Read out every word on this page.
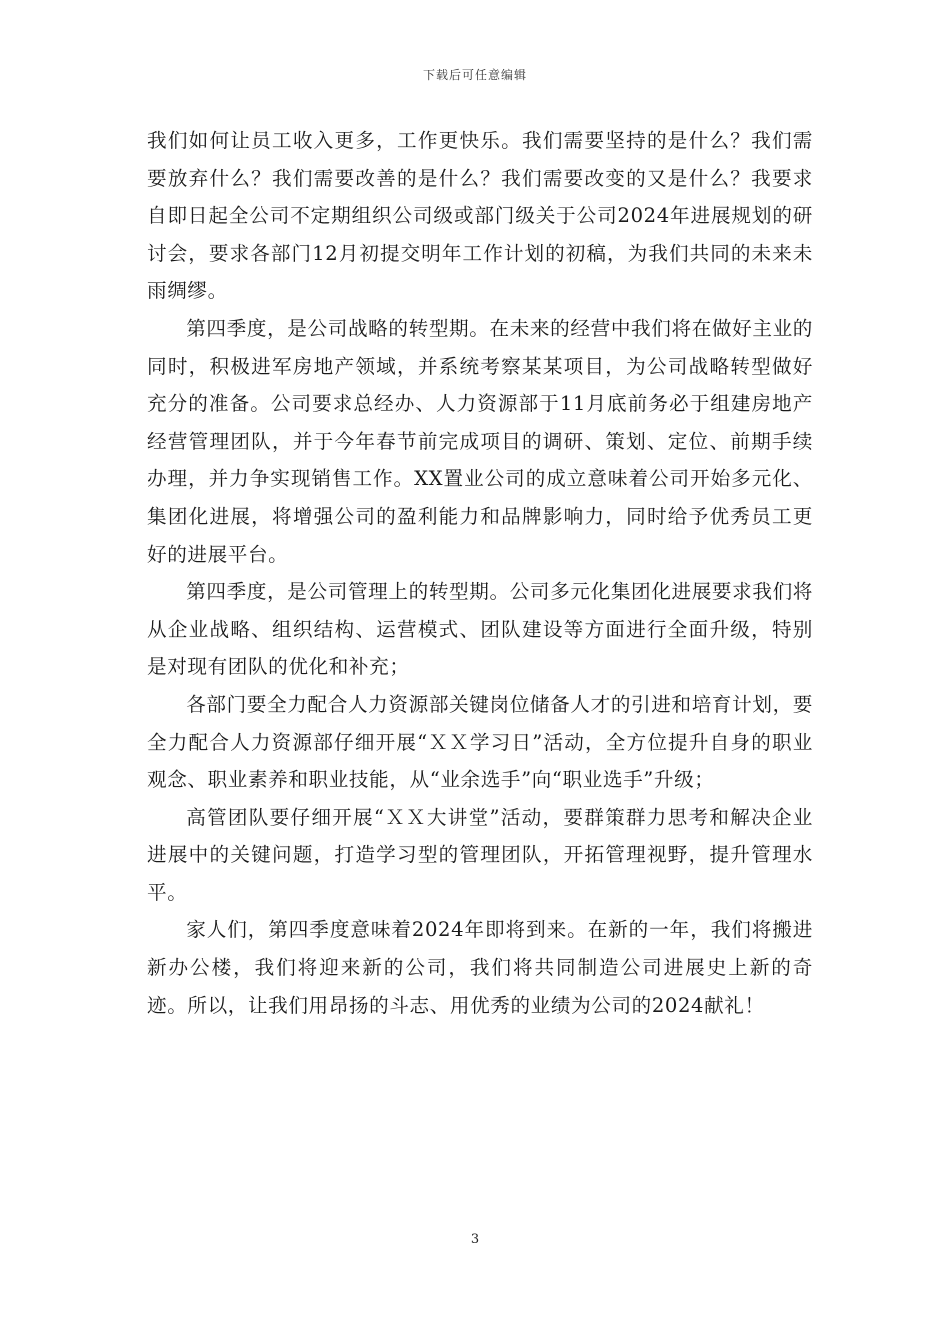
下载后可任意编辑

我们如何让员工收入更多，工作更快乐。我们需要坚持的是什么？我们需要放弃什么？我们需要改善的是什么？我们需要改变的又是什么？我要求自即日起全公司不定期组织公司级或部门级关于公司2024年进展规划的研讨会，要求各部门12月初提交明年工作计划的初稿，为我们共同的未来未雨绸缪。

第四季度，是公司战略的转型期。在未来的经营中我们将在做好主业的同时，积极进军房地产领域，并系统考察某某项目，为公司战略转型做好充分的准备。公司要求总经办、人力资源部于11月底前务必于组建房地产经营管理团队，并于今年春节前完成项目的调研、策划、定位、前期手续办理，并力争实现销售工作。XX置业公司的成立意味着公司开始多元化、集团化进展，将增强公司的盈利能力和品牌影响力，同时给予优秀员工更好的进展平台。

第四季度，是公司管理上的转型期。公司多元化集团化进展要求我们将从企业战略、组织结构、运营模式、团队建设等方面进行全面升级，特别是对现有团队的优化和补充；

各部门要全力配合人力资源部关键岗位储备人才的引进和培育计划，要全力配合人力资源部仔细开展“ＸＸ学习日”活动，全方位提升自身的职业观念、职业素养和职业技能，从“业余选手”向“职业选手”升级；

高管团队要仔细开展“ＸＸ大讲堂”活动，要群策群力思考和解决企业进展中的关键问题，打造学习型的管理团队，开拓管理视野，提升管理水平。

家人们，第四季度意味着2024年即将到来。在新的一年，我们将搬进新办公楼，我们将迎来新的公司，我们将共同制造公司进展史上新的奇迹。所以，让我们用昂扬的斗志、用优秀的业绩为公司的2024献礼！

3
